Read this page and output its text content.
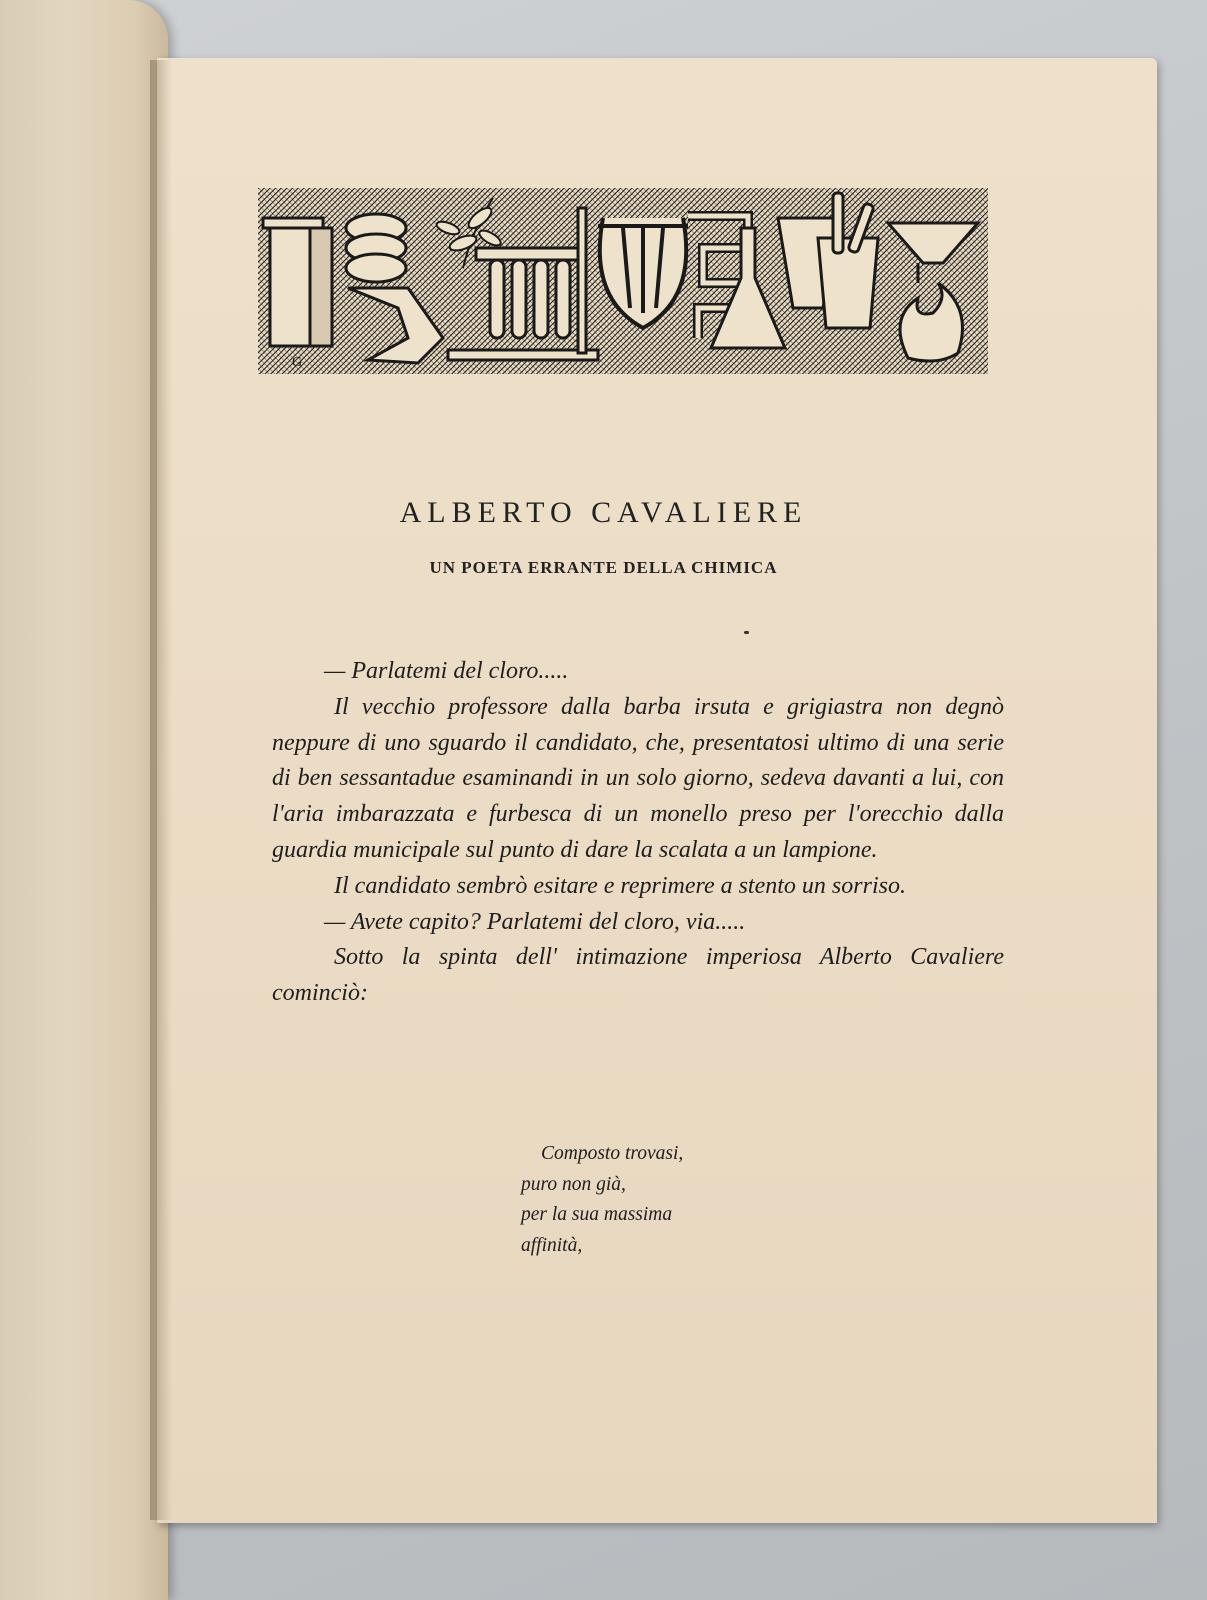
G
ALBERTO CAVALIERE
UN POETA ERRANTE DELLA CHIMICA

— Parlatemi del cloro.....

Il vecchio professore dalla barba irsuta e grigiastra non degnò neppure di uno sguardo il candidato, che, presentatosi ultimo di una serie di ben sessantadue esaminandi in un solo giorno, sedeva davanti a lui, con l'aria imbarazzata e furbesca di un monello preso per l'orecchio dalla guardia municipale sul punto di dare la scalata a un lampione.

Il candidato sembrò esitare e reprimere a stento un sorriso.

— Avete capito? Parlatemi del cloro, via.....

Sotto la spinta dell' intimazione imperiosa Alberto Cavaliere cominciò:

Composto trovasi,
puro non già,
per la sua massima
affinità,
